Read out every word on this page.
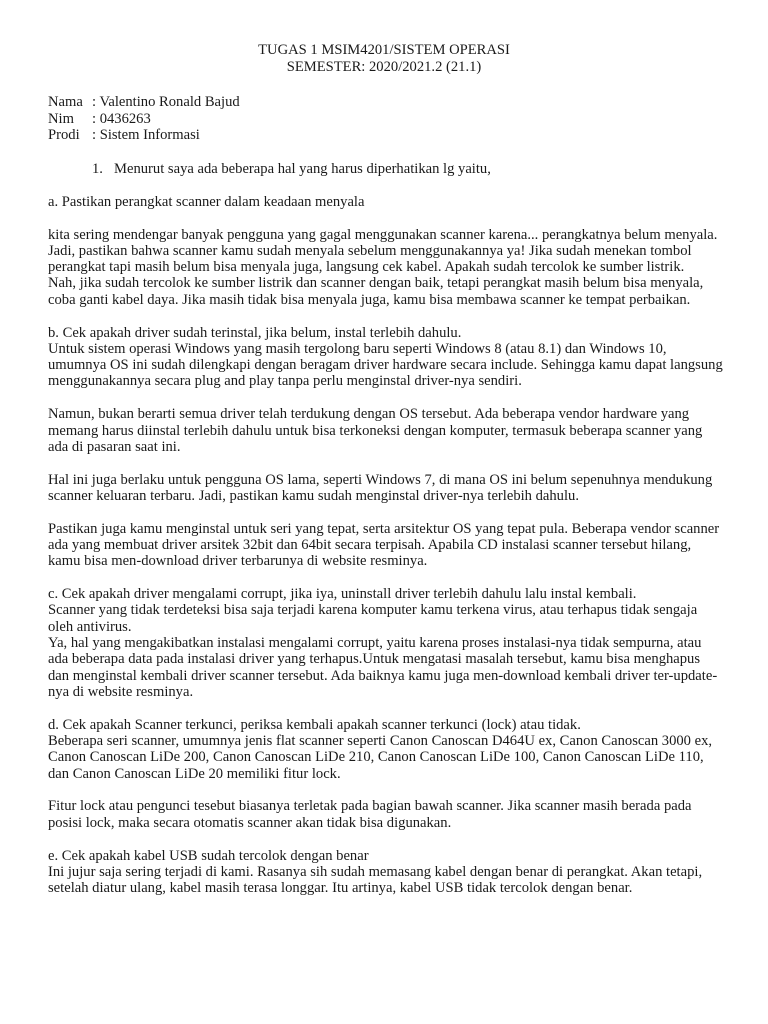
TUGAS 1 MSIM4201/SISTEM OPERASI
SEMESTER: 2020/2021.2 (21.1)
Nama : Valentino Ronald Bajud
Nim : 0436263
Prodi : Sistem Informasi
1. Menurut saya ada beberapa hal yang harus diperhatikan lg yaitu,

a. Pastikan perangkat scanner dalam keadaan menyala

kita sering mendengar banyak pengguna yang gagal menggunakan scanner karena... perangkatnya belum menyala.

Jadi, pastikan bahwa scanner kamu sudah menyala sebelum menggunakannya ya! Jika sudah menekan tombol perangkat tapi masih belum bisa menyala juga, langsung cek kabel. Apakah sudah tercolok ke sumber listrik.

Nah, jika sudah tercolok ke sumber listrik dan scanner dengan baik, tetapi perangkat masih belum bisa menyala, coba ganti kabel daya. Jika masih tidak bisa menyala juga, kamu bisa membawa scanner ke tempat perbaikan.

b. Cek apakah driver sudah terinstal, jika belum, instal terlebih dahulu.

Untuk sistem operasi Windows yang masih tergolong baru seperti Windows 8 (atau 8.1) dan Windows 10, umumnya OS ini sudah dilengkapi dengan beragam driver hardware secara include. Sehingga kamu dapat langsung menggunakannya secara plug and play tanpa perlu menginstal driver-nya sendiri.

Namun, bukan berarti semua driver telah terdukung dengan OS tersebut. Ada beberapa vendor hardware yang memang harus diinstal terlebih dahulu untuk bisa terkoneksi dengan komputer, termasuk beberapa scanner yang ada di pasaran saat ini.

Hal ini juga berlaku untuk pengguna OS lama, seperti Windows 7, di mana OS ini belum sepenuhnya mendukung scanner keluaran terbaru. Jadi, pastikan kamu sudah menginstal driver-nya terlebih dahulu.

Pastikan juga kamu menginstal untuk seri yang tepat, serta arsitektur OS yang tepat pula. Beberapa vendor scanner ada yang membuat driver arsitek 32bit dan 64bit secara terpisah. Apabila CD instalasi scanner tersebut hilang, kamu bisa men-download driver terbarunya di website resminya.

c. Cek apakah driver mengalami corrupt, jika iya, uninstall driver terlebih dahulu lalu instal kembali.

Scanner yang tidak terdeteksi bisa saja terjadi karena komputer kamu terkena virus, atau terhapus tidak sengaja oleh antivirus.

Ya, hal yang mengakibatkan instalasi mengalami corrupt, yaitu karena proses instalasi-nya tidak sempurna, atau ada beberapa data pada instalasi driver yang terhapus.Untuk mengatasi masalah tersebut, kamu bisa menghapus dan menginstal kembali driver scanner tersebut. Ada baiknya kamu juga men-download kembali driver ter-update-nya di website resminya.

d. Cek apakah Scanner terkunci, periksa kembali apakah scanner terkunci (lock) atau tidak.

Beberapa seri scanner, umumnya jenis flat scanner seperti Canon Canoscan D464U ex, Canon Canoscan 3000 ex, Canon Canoscan LiDe 200, Canon Canoscan LiDe 210, Canon Canoscan LiDe 100, Canon Canoscan LiDe 110, dan Canon Canoscan LiDe 20 memiliki fitur lock.

Fitur lock atau pengunci tesebut biasanya terletak pada bagian bawah scanner. Jika scanner masih berada pada posisi lock, maka secara otomatis scanner akan tidak bisa digunakan.

e. Cek apakah kabel USB sudah tercolok dengan benar

Ini jujur saja sering terjadi di kami. Rasanya sih sudah memasang kabel dengan benar di perangkat. Akan tetapi, setelah diatur ulang, kabel masih terasa longgar. Itu artinya, kabel USB tidak tercolok dengan benar.
